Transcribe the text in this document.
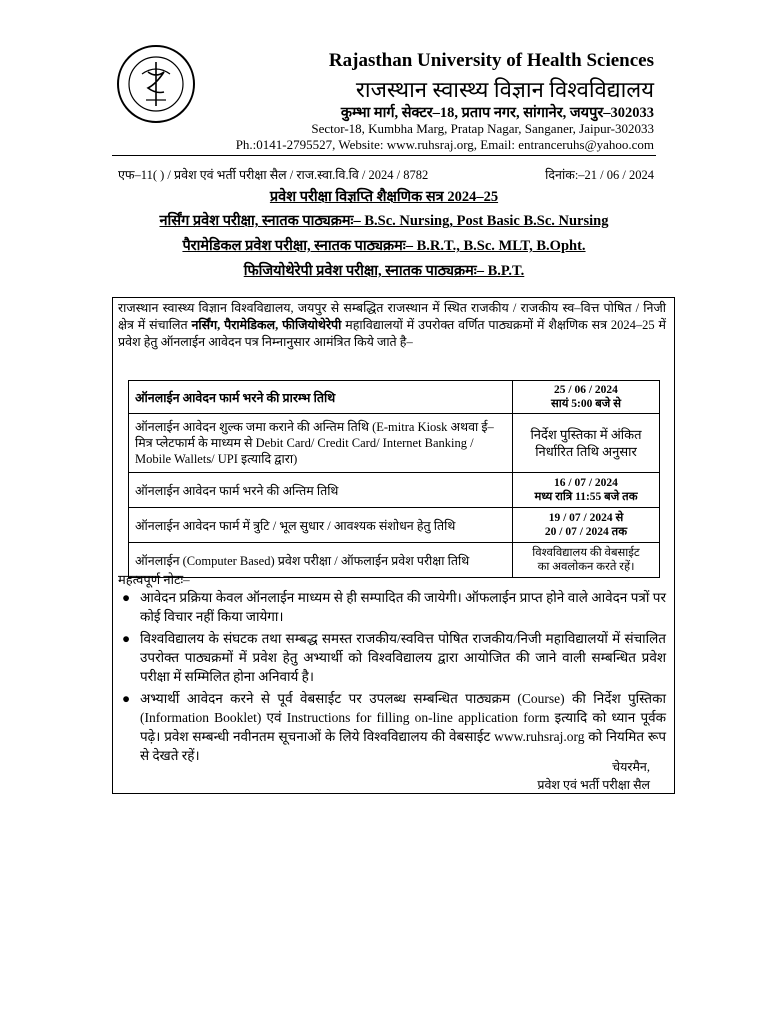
Rajasthan University of Health Sciences
राजस्थान स्वास्थ्य विज्ञान विश्वविद्यालय
कुम्भा मार्ग, सेक्टर–18, प्रताप नगर, सांगानेर, जयपुर–302033
Sector-18, Kumbha Marg, Pratap Nagar, Sanganer, Jaipur-302033
Ph.:0141-2795527, Website: www.ruhsraj.org, Email: entranceruhs@yahoo.com
एफ–11( ) / प्रवेश एवं भर्ती परीक्षा सैल / राज.स्वा.वि.वि / 2024 / 8782	दिनांक:–21 / 06 / 2024
प्रवेश परीक्षा विज्ञप्ति शैक्षणिक सत्र 2024–25
नर्सिंग प्रवेश परीक्षा, स्नातक पाठ्यक्रमः– B.Sc. Nursing, Post Basic B.Sc. Nursing
पैरामेडिकल प्रवेश परीक्षा, स्नातक पाठ्यक्रमः– B.R.T., B.Sc. MLT, B.Opht.
फिजियोथेरेपी प्रवेश परीक्षा, स्नातक पाठ्यक्रमः– B.P.T.
राजस्थान स्वास्थ्य विज्ञान विश्वविद्यालय, जयपुर से सम्बद्धित राजस्थान में स्थित राजकीय / राजकीय स्व–वित्त पोषित / निजी क्षेत्र में संचालित नर्सिंग, पैरामेडिकल, फीजियोथेरेपी महाविद्यालयों में उपरोक्त वर्णित पाठ्यक्रमों में शैक्षणिक सत्र 2024–25 में प्रवेश हेतु ऑनलाईन आवेदन पत्र निम्नानुसार आमंत्रित किये जाते है–
ऑनलाईन आवेदन फार्म भरने की प्रारम्भ तिथि	25 / 06 / 2024
सायं 5:00 बजे से

ऑनलाईन आवेदन शुल्क जमा कराने की अन्तिम तिथि (E-mitra Kiosk अथवा ई–मित्र प्लेटफार्म के माध्यम से Debit Card/ Credit Card/ Internet Banking / Mobile Wallets/ UPI इत्यादि द्वारा)	निर्देश पुस्तिका में अंकित
निर्धारित तिथि अनुसार

ऑनलाईन आवेदन फार्म भरने की अन्तिम तिथि	16 / 07 / 2024
मध्य रात्रि 11:55 बजे तक

ऑनलाईन आवेदन फार्म में त्रुटि / भूल सुधार / आवश्यक संशोधन हेतु तिथि	19 / 07 / 2024 से
20 / 07 / 2024 तक

ऑनलाईन (Computer Based) प्रवेश परीक्षा / ऑफलाईन प्रवेश परीक्षा तिथि	विश्वविद्यालय की वेबसाईट
का अवलोकन करते रहें।
महत्वपूर्ण नोटः–
● आवेदन प्रक्रिया केवल ऑनलाईन माध्यम से ही सम्पादित की जायेगी। ऑफलाईन प्राप्त होने वाले आवेदन पत्रों पर कोई विचार नहीं किया जायेगा।
● विश्वविद्यालय के संघटक तथा सम्बद्ध समस्त राजकीय/स्ववित्त पोषित राजकीय/निजी महाविद्यालयों में संचालित उपरोक्त पाठ्यक्रमों में प्रवेश हेतु अभ्यार्थी को विश्वविद्यालय द्वारा आयोजित की जाने वाली सम्बन्धित प्रवेश परीक्षा में सम्मिलित होना अनिवार्य है।
● अभ्यार्थी आवेदन करने से पूर्व वेबसाईट पर उपलब्ध सम्बन्धित पाठ्यक्रम (Course) की निर्देश पुस्तिका (Information Booklet) एवं Instructions for filling on-line application form इत्यादि को ध्यान पूर्वक पढ़े। प्रवेश सम्बन्धी नवीनतम सूचनाओं के लिये विश्वविद्यालय की वेबसाईट www.ruhsraj.org को नियमित रूप से देखते रहें।
चेयरमैन,
प्रवेश एवं भर्ती परीक्षा सैल
